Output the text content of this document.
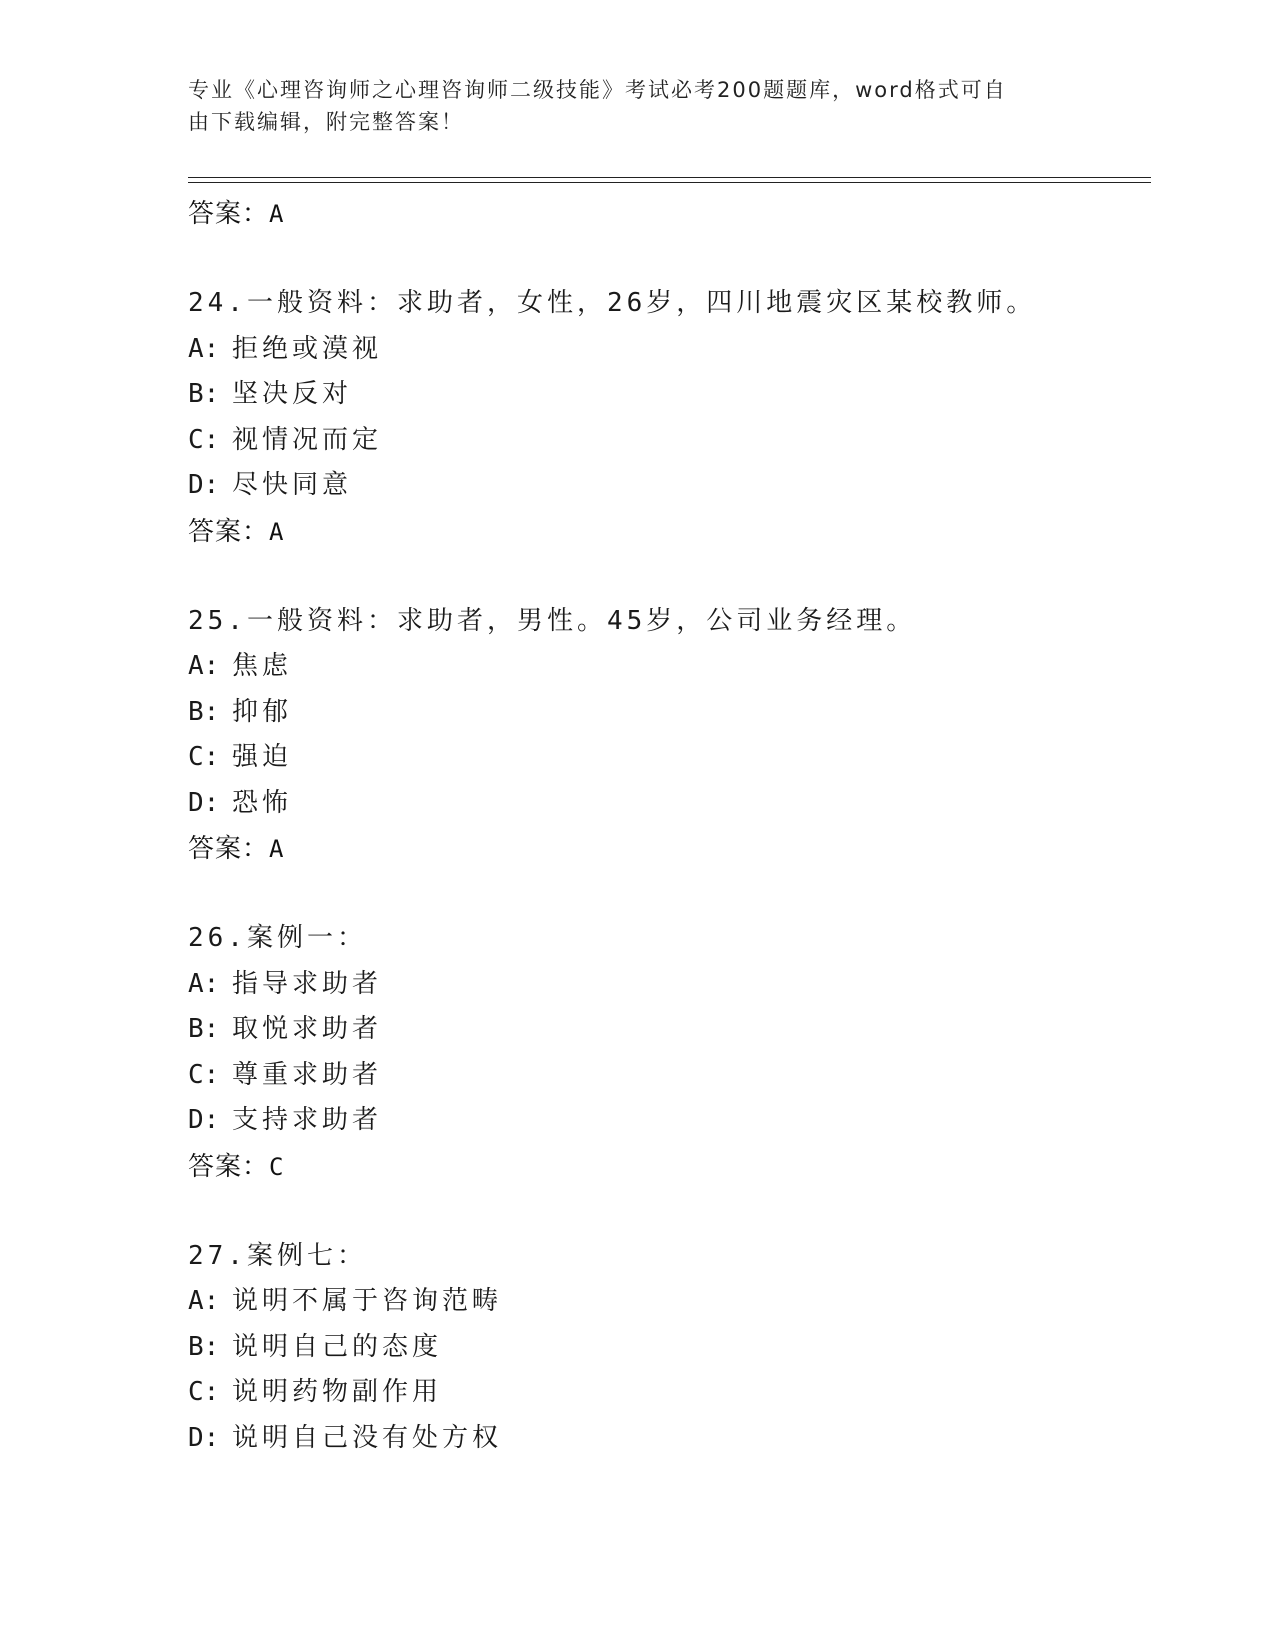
专业《心理咨询师之心理咨询师二级技能》考试必考200题题库，word格式可自
由下载编辑，附完整答案！
答案：A
24.一般资料：求助者，女性，26岁，四川地震灾区某校教师。
A: 拒绝或漠视
B: 坚决反对
C: 视情况而定
D: 尽快同意
答案：A
25.一般资料：求助者，男性。45岁，公司业务经理。
A: 焦虑
B: 抑郁
C: 强迫
D: 恐怖
答案：A
26.案例一：
A: 指导求助者
B: 取悦求助者
C: 尊重求助者
D: 支持求助者
答案：C
27.案例七：
A: 说明不属于咨询范畴
B: 说明自己的态度
C: 说明药物副作用
D: 说明自己没有处方权
